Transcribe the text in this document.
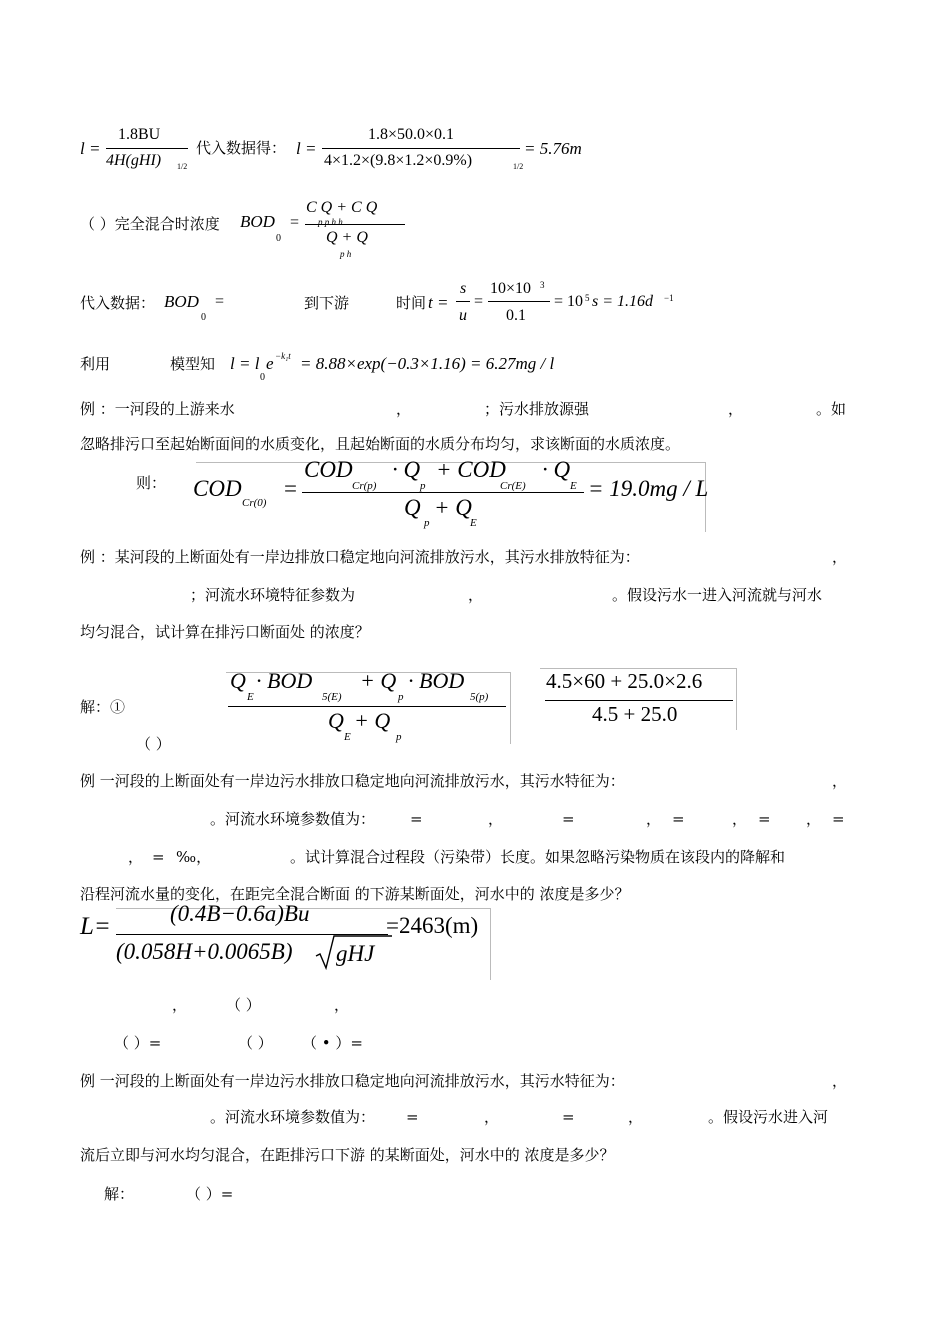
l =
1.8BU
4H(gHI) 1/2
代入数据得： l =
1.8×50.0×0.1
4×1.2×(9.8×1.2×0.9%)	1/2
= 5.76m
（ ）完全混合时浓度 BOD
0
=
C Q + C Q
p p h h
Q + Q
p h
代入数据： BOD
0
=	到下游	时间 t =
s
u
=
10×10 3
0.1
= 10 5 s = 1.16d −1
利用	模型知 l = l
0
e −k₁t = 8.88×exp(−0.3×1.16) = 6.27mg / l
例 ：一河段的上游来水	，	；污水排放源强	，	。如
忽略排污口至起始断面间的水质变化，且起始断面的水质分布均匀，求该断面的水质浓度。
则： COD
Cr(0)
=
COD
Cr(p)
· Q
p
+ COD
Cr(E)
· Q
E
Q
p
+ Q
E
= 19.0mg / L
例 ：某河段的上断面处有一岸边排放口稳定地向河流排放污水，其污水排放特征为：	，
；河流水环境特征参数为	，	。假设污水一进入河流就与河水
均匀混合，试计算在排污口断面处 的浓度？
解：①
Q
E
· BOD
5(E)
+ Q
p
· BOD
5(p)
Q
E
+ Q
p
4.5×60 + 25.0×2.6
4.5 + 25.0
（ ）
例 一河段的上断面处有一岸边污水排放口稳定地向河流排放污水，其污水特征为：	，
。河流水环境参数值为： =	，	=	， =	， = ， =
， = ‰，	。试计算混合过程段（污染带）长度。如果忽略污染物质在该段内的降解和
沿程河流水量的变化，在距完全混合断面 的下游某断面处，河水中的 浓度是多少？
L=	(0.4B−0.6a)Bu
(0.058H+0.0065B) gHJ
=2463(m)
，	（ ）	，
（ ）=	（ ） （ • ）=
例 一河段的上断面处有一岸边污水排放口稳定地向河流排放污水，其污水特征为：	，
。河流水环境参数值为： =	，	=	，	。假设污水进入河
流后立即与河水均匀混合，在距排污口下游 的某断面处，河水中的 浓度是多少？
解：	（ ）=
